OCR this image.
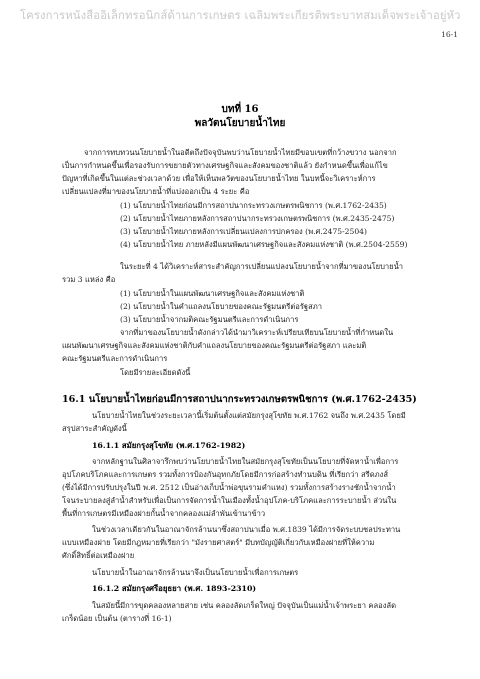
โครงการหนังสืออิเล็กทรอนิกส์ด้านการเกษตร เฉลิมพระเกียรติพระบาทสมเด็จพระเจ้าอยู่หัว
16-1
บทที่ 16
พลวัตนโยบายน้ำไทย
จากการทบทวนนโยบายน้ำในอดีตถึงปัจจุบันพบว่านโยบายน้ำไทยมีขอบเขตที่กว้างขวาง นอกจาก
เป็นการกำหนดขึ้นเพื่อรองรับการขยายตัวทางเศรษฐกิจและสังคมของชาติแล้ว ยังกำหนดขึ้นเพื่อแก้ไข
ปัญหาที่เกิดขึ้นในแต่ละช่วงเวลาด้วย เพื่อให้เห็นพลวัตของนโยบายน้ำไทย ในบทนี้จะวิเคราะห์การ
เปลี่ยนแปลงที่มาของนโยบายน้ำที่แบ่งออกเป็น 4 ระยะ คือ
(1) นโยบายน้ำไทยก่อนมีการสถาปนากระทรวงเกษตรพนิชการ (พ.ศ.1762-2435)
(2) นโยบายน้ำไทยภายหลังการสถาปนากระทรวงเกษตรพนิชการ (พ.ศ.2435-2475)
(3) นโยบายน้ำไทยภายหลังการเปลี่ยนแปลงการปกครอง (พ.ศ.2475-2504)
(4) นโยบายน้ำไทย ภายหลังมีแผนพัฒนาเศรษฐกิจและสังคมแห่งชาติ (พ.ศ.2504-2559)
ในระยะที่ 4 ได้วิเคราะห์สาระสำคัญการเปลี่ยนแปลงนโยบายน้ำจากที่มาของนโยบายน้ำ
รวม 3 แหล่ง คือ
(1) นโยบายน้ำในแผนพัฒนาเศรษฐกิจและสังคมแห่งชาติ
(2) นโยบายน้ำในคำแถลงนโยบายของคณะรัฐมนตรีต่อรัฐสภา
(3) นโยบายน้ำจากมติคณะรัฐมนตรีและการดำเนินการ
จากที่มาของนโยบายน้ำดังกล่าวได้นำมาวิเคราะห์เปรียบเทียบนโยบายน้ำที่กำหนดใน
แผนพัฒนาเศรษฐกิจและสังคมแห่งชาติกับคำแถลงนโยบายของคณะรัฐมนตรีต่อรัฐสภา และมติ
คณะรัฐมนตรีและการดำเนินการ
โดยมีรายละเอียดดังนี้
16.1 นโยบายน้ำไทยก่อนมีการสถาปนากระทรวงเกษตรพนิชการ (พ.ศ.1762-2435)
นโยบายน้ำไทยในช่วงระยะเวลานี้เริ่มต้นตั้งแต่สมัยกรุงสุโขทัย พ.ศ.1762 จนถึง พ.ศ.2435 โดยมี
สรุปสาระสำคัญดังนี้
16.1.1 สมัยกรุงสุโขทัย (พ.ศ.1762-1982)
จากหลักฐานในศิลาจารึกพบว่านโยบายน้ำไทยในสมัยกรุงสุโขทัยเป็นนโยบายที่จัดหาน้ำเพื่อการ
อุปโภคบริโภคและการเกษตร รวมทั้งการป้องกันอุทกภัยโดยมีการก่อสร้างทำนบดิน ที่เรียกว่า สรีดภงส์
(ซึ่งได้มีการปรับปรุงในปี พ.ศ. 2512 เป็นอ่างเก็บน้ำพ่อขุนรามคำแหง) รวมทั้งการสร้างรางชักน้ำจากน้ำ
โจนระบายลงสู่ลำน้ำสำหรับเพื่อเป็นการจัดการน้ำในเมืองทั้งน้ำอุปโภค-บริโภคและการระบายน้ำ ส่วนใน
พื้นที่การเกษตรมีเหมืองฝายกั้นน้ำจากคลองแม่ลำพันเข้านาข้าว
ในช่วงเวลาเดียวกันในอาณาจักรล้านนาซึ่งสถาปนาเมื่อ พ.ศ.1839 ได้มีการจัดระบบชลประทาน
แบบเหมืองฝาย โดยมีกฎหมายที่เรียกว่า "มังรายศาสตร์" มีบทบัญญัติเกี่ยวกับเหมืองฝายที่ให้ความ
ศักดิ์สิทธิ์ต่อเหมืองฝาย
นโยบายน้ำในอาณาจักรล้านนาจึงเป็นนโยบายน้ำเพื่อการเกษตร
16.1.2 สมัยกรุงศรีอยุธยา (พ.ศ. 1893-2310)
ในสมัยนี้มีการขุดคลองหลายสาย เช่น คลองลัดเกร็ดใหญ่ ปัจจุบันเป็นแม่น้ำเจ้าพระยา คลองลัด
เกร็ดน้อย เป็นต้น (ตารางที่ 16-1)
